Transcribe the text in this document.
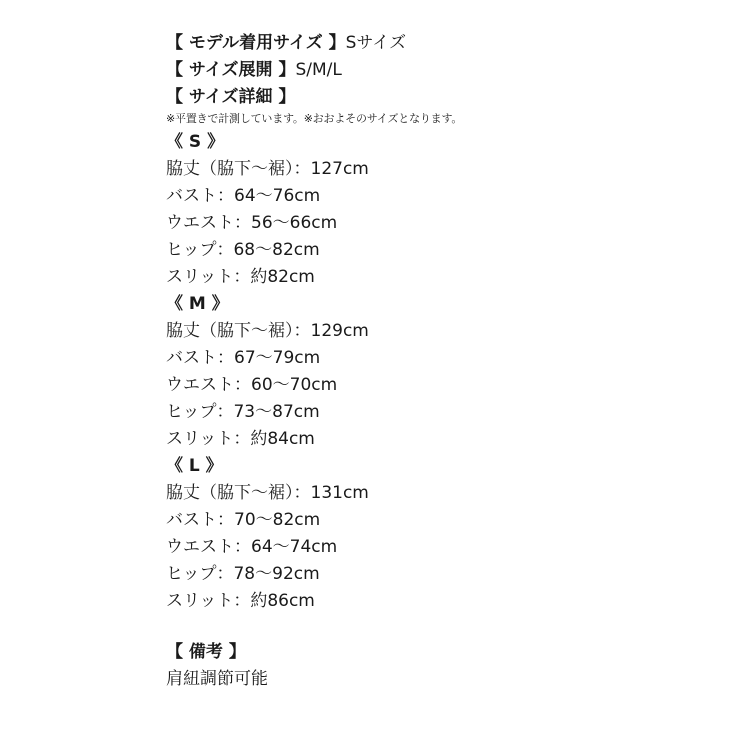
【 モデル着用サイズ 】Sサイズ
【 サイズ展開 】S/M/L
【 サイズ詳細 】
※平置きで計測しています。※おおよそのサイズとなります。
《 S 》
脇丈（脇下〜裾）：127cm
バスト：64〜76cm
ウエスト：56〜66cm
ヒップ：68〜82cm
スリット：約82cm
《 M 》
脇丈（脇下〜裾）：129cm
バスト：67〜79cm
ウエスト：60〜70cm
ヒップ：73〜87cm
スリット：約84cm
《 L 》
脇丈（脇下〜裾）：131cm
バスト：70〜82cm
ウエスト：64〜74cm
ヒップ：78〜92cm
スリット：約86cm
【 備考 】
肩紐調節可能
